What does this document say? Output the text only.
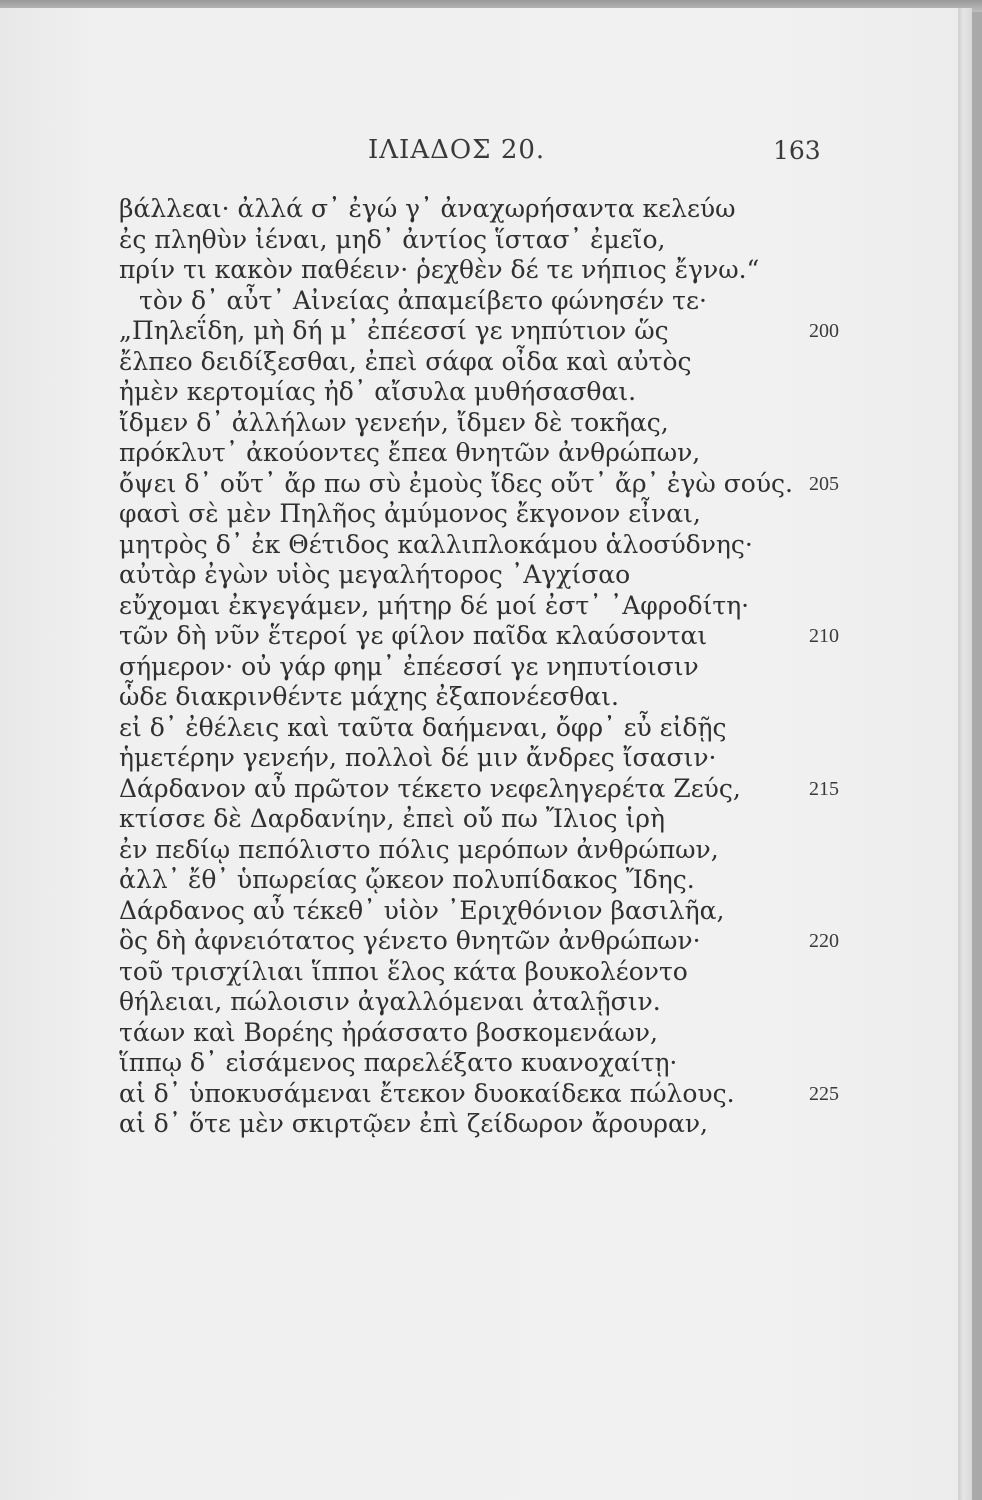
ΙΛΙΑΔΟΣ 20.	163
βάλλεαι· ἀλλά σ᾽ ἐγώ γ᾽ ἀναχωρήσαντα κελεύω
ἐς πληθὺν ἰέναι, μηδ᾽ ἀντίος ἵστασ᾽ ἐμεῖο,
πρίν τι κακὸν παθέειν· ῥεχθὲν δέ τε νήπιος ἔγνω.“
τὸν δ᾽ αὖτ᾽ Αἰνείας ἀπαμείβετο φώνησέν τε·
„Πηλεΐδη, μὴ δή μ᾽ ἐπέεσσί γε νηπύτιον ὥς	200
ἔλπεο δειδίξεσθαι, ἐπεὶ σάφα οἶδα καὶ αὐτὸς
ἠμὲν κερτομίας ἠδ᾽ αἴσυλα μυθήσασθαι.
ἴδμεν δ᾽ ἀλλήλων γενεήν, ἴδμεν δὲ τοκῆας,
πρόκλυτ᾽ ἀκούοντες ἔπεα θνητῶν ἀνθρώπων,
ὄψει δ᾽ οὔτ᾽ ἄρ πω σὺ ἐμοὺς ἴδες οὔτ᾽ ἄρ᾽ ἐγὼ σούς. 205
φασὶ σὲ μὲν Πηλῆος ἀμύμονος ἔκγονον εἶναι,
μητρὸς δ᾽ ἐκ Θέτιδος καλλιπλοκάμου ἁλοσύδνης·
αὐτὰρ ἐγὼν υἱὸς μεγαλήτορος ᾿Αγχίσαο
εὔχομαι ἐκγεγάμεν, μήτηρ δέ μοί ἐστ᾽ ᾿Αφροδίτη·
τῶν δὴ νῦν ἕτεροί γε φίλον παῖδα κλαύσονται	210
σήμερον· οὐ γάρ φημ᾽ ἐπέεσσί γε νηπυτίοισιν
ὧδε διακρινθέντε μάχης ἐξαπονέεσθαι.
εἰ δ᾽ ἐθέλεις καὶ ταῦτα δαήμεναι, ὄφρ᾽ εὖ εἰδῇς
ἡμετέρην γενεήν, πολλοὶ δέ μιν ἄνδρες ἴσασιν·
Δάρδανον αὖ πρῶτον τέκετο νεφεληγερέτα Ζεύς,	215
κτίσσε δὲ Δαρδανίην, ἐπεὶ οὔ πω Ἴλιος ἱρὴ
ἐν πεδίῳ πεπόλιστο πόλις μερόπων ἀνθρώπων,
ἀλλ᾽ ἔθ᾽ ὑπωρείας ᾤκεον πολυπίδακος Ἴδης.
Δάρδανος αὖ τέκεθ᾽ υἱὸν ᾿Εριχθόνιον βασιλῆα,
ὃς δὴ ἀφνειότατος γένετο θνητῶν ἀνθρώπων·	220
τοῦ τρισχίλιαι ἵπποι ἕλος κάτα βουκολέοντο
θήλειαι, πώλοισιν ἀγαλλόμεναι ἀταλῇσιν.
τάων καὶ Βορέης ἠράσσατο βοσκομενάων,
ἵππῳ δ᾽ εἰσάμενος παρελέξατο κυανοχαίτῃ·
αἱ δ᾽ ὑποκυσάμεναι ἔτεκον δυοκαίδεκα πώλους.	225
αἱ δ᾽ ὅτε μὲν σκιρτῷεν ἐπὶ ζείδωρον ἄρουραν,
